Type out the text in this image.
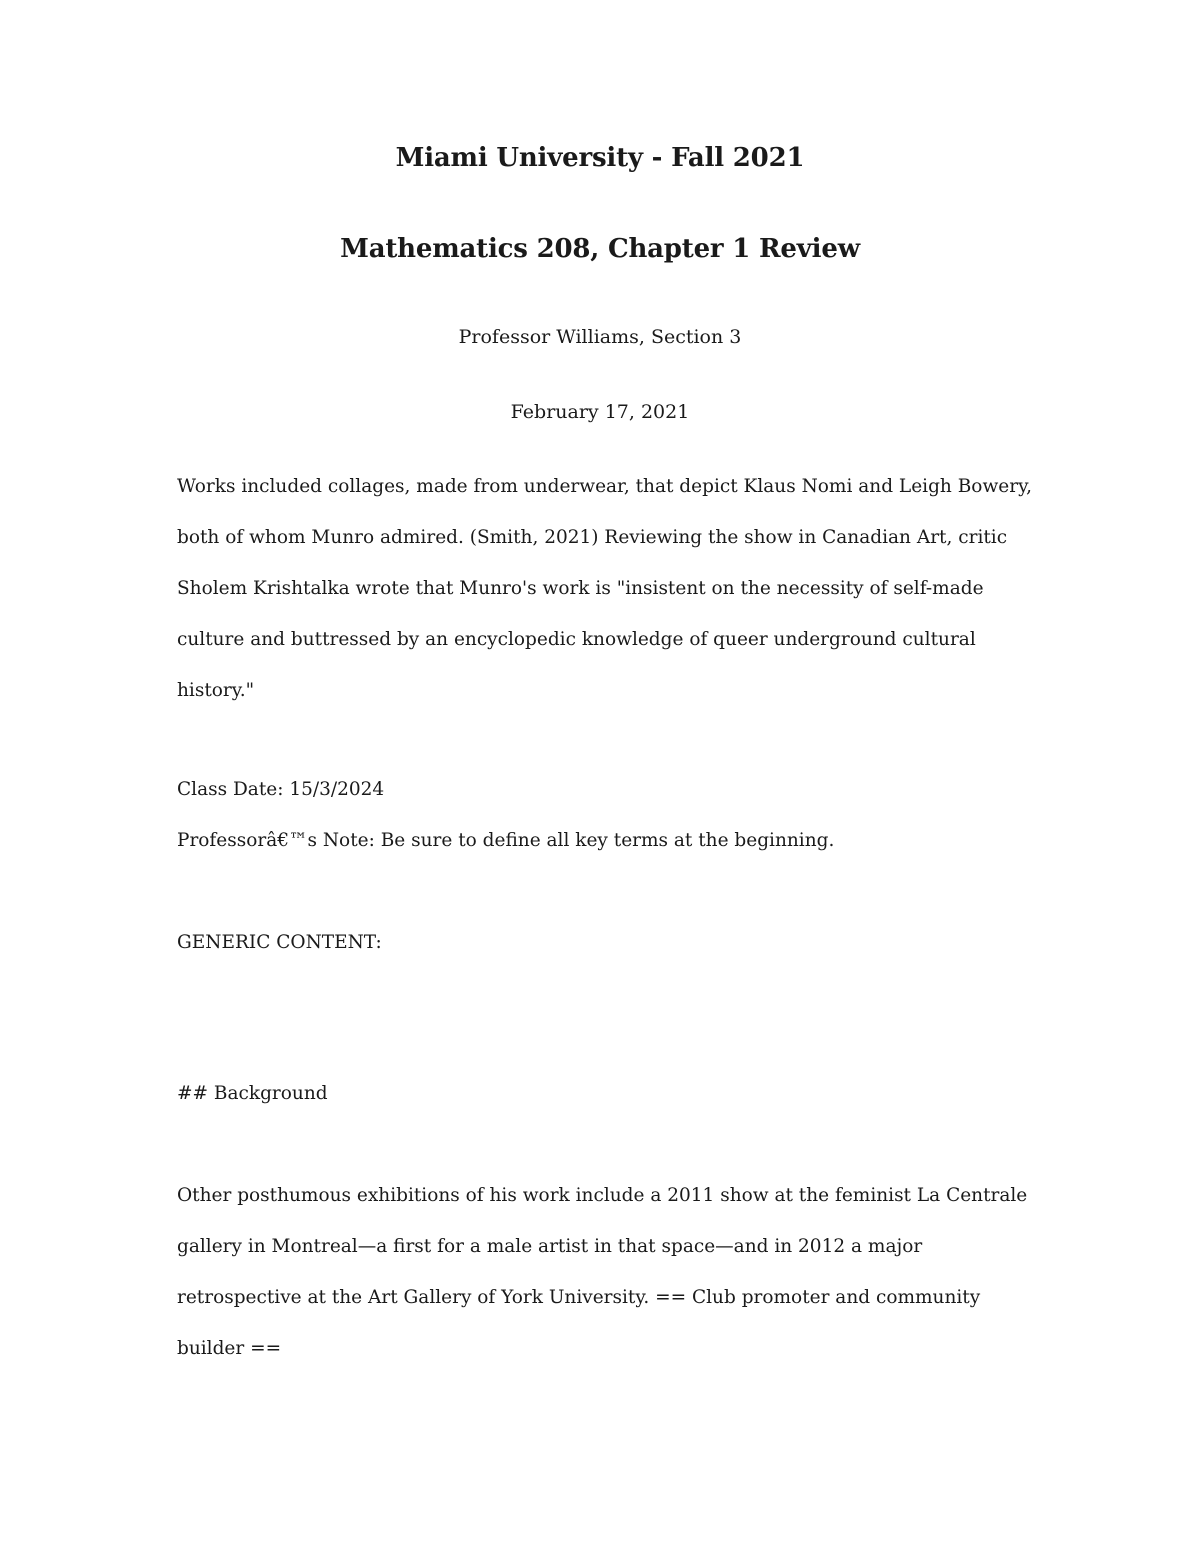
Miami University - Fall 2021
Mathematics 208, Chapter 1 Review
Professor Williams, Section 3
February 17, 2021
Works included collages, made from underwear, that depict Klaus Nomi and Leigh Bowery,
both of whom Munro admired. (Smith, 2021) Reviewing the show in Canadian Art, critic
Sholem Krishtalka wrote that Munro's work is "insistent on the necessity of self-made
culture and buttressed by an encyclopedic knowledge of queer underground cultural
history."
Class Date: 15/3/2024
Professorâ€™s Note: Be sure to define all key terms at the beginning.
GENERIC CONTENT:
## Background
Other posthumous exhibitions of his work include a 2011 show at the feminist La Centrale
gallery in Montreal—a first for a male artist in that space—and in 2012 a major
retrospective at the Art Gallery of York University. == Club promoter and community
builder ==
